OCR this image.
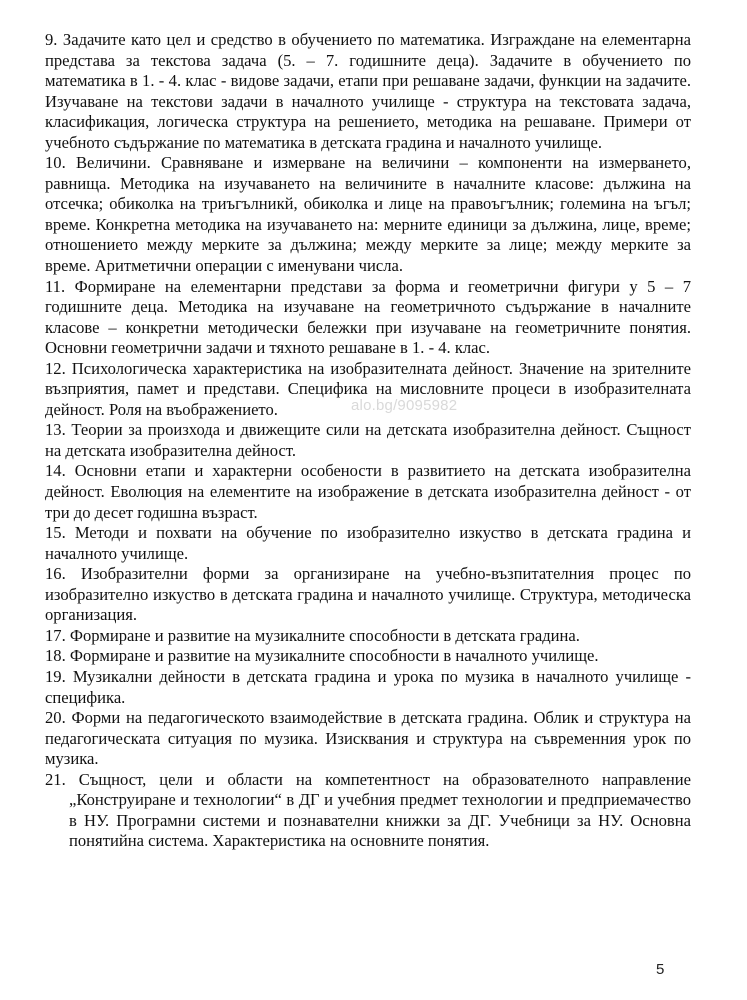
9. Задачите като цел и средство в обучението по математика. Изграждане на елементарна представа за текстова задача (5. – 7. годишните деца). Задачите в обучението по математика в 1. - 4. клас - видове задачи, етапи при решаване задачи, функции на задачите. Изучаване на текстови задачи в началното училище - структура на текстовата задача, класификация, логическа структура на решението, методика на решаване. Примери от учебното съдържание по математика в детската градина и началното училище.

10. Величини. Сравняване и измерване на величини – компоненти на измерването, равнища. Методика на изучаването на величините в началните класове: дължина на отсечка; обиколка на триъгълникй, обиколка и лице на правоъгълник; големина на ъгъл; време. Конкретна методика на изучаването на: мерните единици за дължина, лице, време; отношението между мерките за дължина; между мерките за лице; между мерките за време. Аритметични операции с именувани числа.

11. Формиране на елементарни представи за форма и геометрични фигури у 5 – 7 годишните деца. Методика на изучаване на геометричното съдържание в началните класове – конкретни методически бележки при изучаване на геометричните понятия. Основни геометрични задачи и тяхното решаване в 1. - 4. клас.

12. Психологическа характеристика на изобразителната дейност. Значение на зрителните възприятия, памет и представи. Специфика на мисловните процеси в изобразителната дейност. Роля на въображението.

13. Теории за произхода и движещите сили на детската изобразителна дейност. Същност на детската изобразителна дейност.

14. Основни етапи и характерни особености в развитието на детската изобразителна дейност. Еволюция на елементите на изображение в детската изобразителна дейност - от три до десет годишна възраст.

15. Методи и похвати на обучение по изобразително изкуство в детската градина и началното училище.

16. Изобразителни форми за организиране на учебно-възпитателния процес по изобразително изкуство в детската градина и началното училище. Структура, методическа организация.

17. Формиране и развитие на музикалните способности в детската градина.

18. Формиране и развитие на музикалните способности в началното училище.

19. Музикални дейности в детската градина и урока по музика в началното училище - специфика.

20. Форми на педагогическото взаимодействие в детската градина. Облик и структура на педагогическата ситуация по музика. Изисквания и структура на съвременния урок по музика.

21. Същност, цели и области на компетентност на образователното направление „Конструиране и технологии“ в ДГ и учебния предмет технологии и предприемачество в НУ. Програмни системи и познавателни книжки за ДГ. Учебници за НУ. Основна понятийна система. Характеристика на основните понятия.

alo.bg/9095982
5
